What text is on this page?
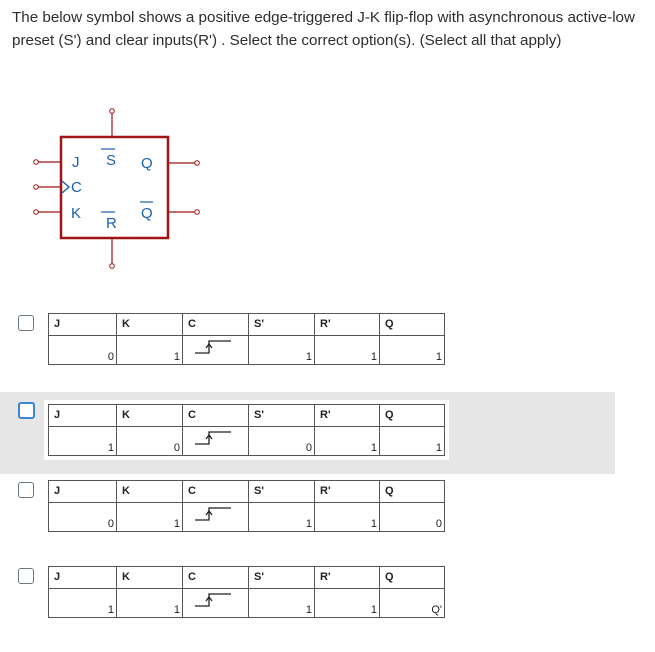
The below symbol shows a positive edge-triggered J-K flip-flop with asynchronous active-low preset (S') and clear inputs(R') . Select the correct option(s). (Select all that apply)
J
C
K
S
R
Q
Q
J	K	C	S'	R'	Q

0	1		1	1	1
J	K	C	S'	R'	Q

1	0		0	1	1
J	K	C	S'	R'	Q

0	1		1	1	0
J	K	C	S'	R'	Q

1	1		1	1	Q'
